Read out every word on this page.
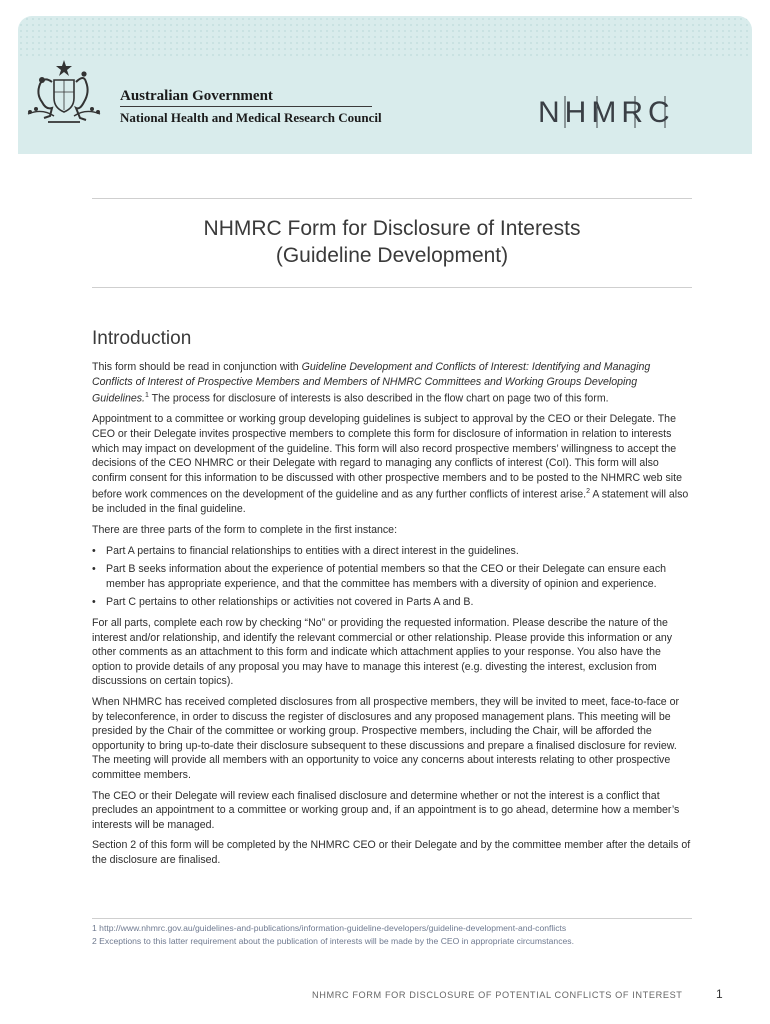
Australian Government
National Health and Medical Research Council	NHMRC
NHMRC Form for Disclosure of Interests
(Guideline Development)
Introduction

This form should be read in conjunction with Guideline Development and Conflicts of Interest: Identifying and Managing Conflicts of Interest of Prospective Members and Members of NHMRC Committees and Working Groups Developing Guidelines.$^1$ The process for disclosure of interests is also described in the flow chart on page two of this form.

Appointment to a committee or working group developing guidelines is subject to approval by the CEO or their Delegate. The CEO or their Delegate invites prospective members to complete this form for disclosure of information in relation to interests which may impact on development of the guideline. This form will also record prospective members’ willingness to accept the decisions of the CEO NHMRC or their Delegate with regard to managing any conflicts of interest (CoI). This form will also confirm consent for this information to be discussed with other prospective members and to be posted to the NHMRC web site before work commences on the development of the guideline and as any further conflicts of interest arise.$^2$ A statement will also be included in the final guideline.

There are three parts of the form to complete in the first instance:

• Part A pertains to financial relationships to entities with a direct interest in the guidelines.
• Part B seeks information about the experience of potential members so that the CEO or their Delegate can ensure each member has appropriate experience, and that the committee has members with a diversity of opinion and experience.
• Part C pertains to other relationships or activities not covered in Parts A and B.

For all parts, complete each row by checking “No” or providing the requested information. Please describe the nature of the interest and/or relationship, and identify the relevant commercial or other relationship. Please provide this information or any other comments as an attachment to this form and indicate which attachment applies to your response. You also have the option to provide details of any proposal you may have to manage this interest (e.g. divesting the interest, exclusion from discussions on certain topics).

When NHMRC has received completed disclosures from all prospective members, they will be invited to meet, face-to-face or by teleconference, in order to discuss the register of disclosures and any proposed management plans. This meeting will be presided by the Chair of the committee or working group. Prospective members, including the Chair, will be afforded the opportunity to bring up-to-date their disclosure subsequent to these discussions and prepare a finalised disclosure for review. The meeting will provide all members with an opportunity to voice any concerns about interests relating to other prospective committee members.

The CEO or their Delegate will review each finalised disclosure and determine whether or not the interest is a conflict that precludes an appointment to a committee or working group and, if an appointment is to go ahead, determine how a member’s interests will be managed.

Section 2 of this form will be completed by the NHMRC CEO or their Delegate and by the committee member after the details of the disclosure are finalised.

1 http://www.nhmrc.gov.au/guidelines-and-publications/information-guideline-developers/guideline-development-and-conflicts
2 Exceptions to this latter requirement about the publication of interests will be made by the CEO in appropriate circumstances.
NHMRC FORM FOR DISCLOSURE OF POTENTIAL CONFLICTS OF INTEREST	1
